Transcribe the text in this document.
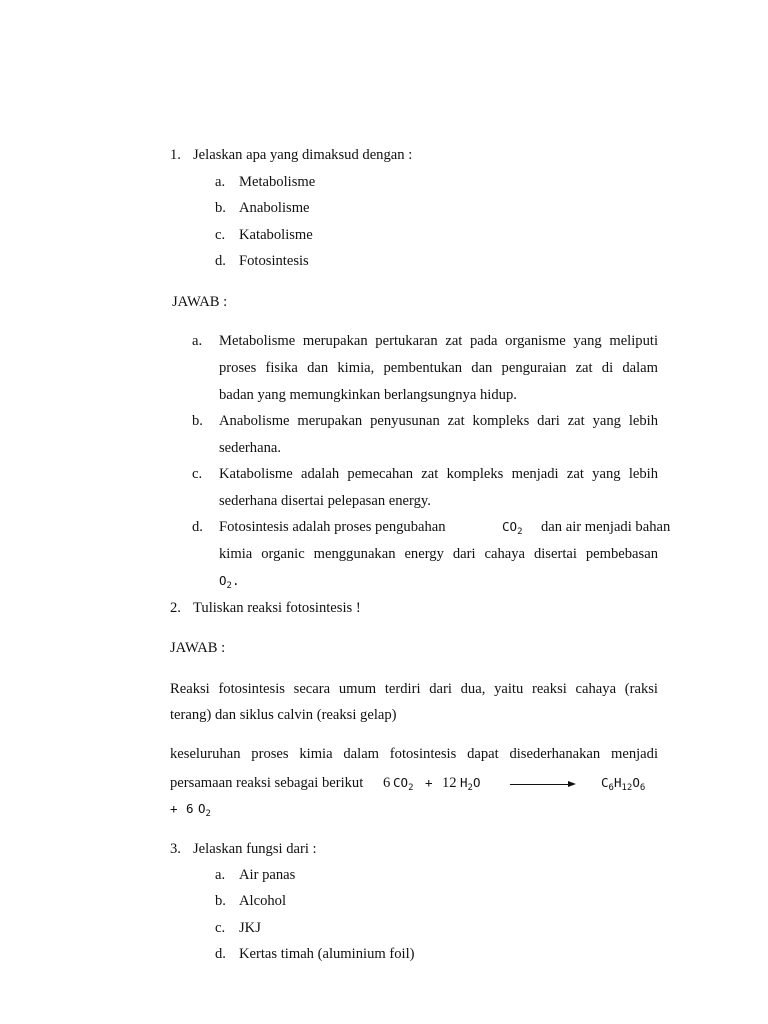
1. Jelaskan apa yang dimaksud dengan :
a. Metabolisme
b. Anabolisme
c. Katabolisme
d. Fotosintesis
JAWAB :
a. Metabolisme merupakan pertukaran zat pada organisme yang meliputi
proses fisika dan kimia, pembentukan dan penguraian zat di dalam
badan yang memungkinkan berlangsungnya hidup.
b. Anabolisme merupakan penyusunan zat kompleks dari zat yang lebih
sederhana.
c. Katabolisme adalah pemecahan zat kompleks menjadi zat yang lebih
sederhana disertai pelepasan energy.
d. Fotosintesis adalah proses pengubahan	$CO_2$ dan air menjadi bahan
kimia organic menggunakan energy dari cahaya disertai pembebasan
$O_2$.
2. Tuliskan reaksi fotosintesis !
JAWAB :
Reaksi fotosintesis secara umum terdiri dari dua, yaitu reaksi cahaya (raksi
terang) dan siklus calvin (reaksi gelap)
keseluruhan proses kimia dalam fotosintesis dapat disederhanakan menjadi
persamaan reaksi sebagai berikut 6 $CO_2 + 12$ $H_2O$	$C_6H_{12}O_6$
+ 6 $O_2$
3. Jelaskan fungsi dari :
a. Air panas
b. Alcohol
c. JKJ
d. Kertas timah (aluminium foil)
